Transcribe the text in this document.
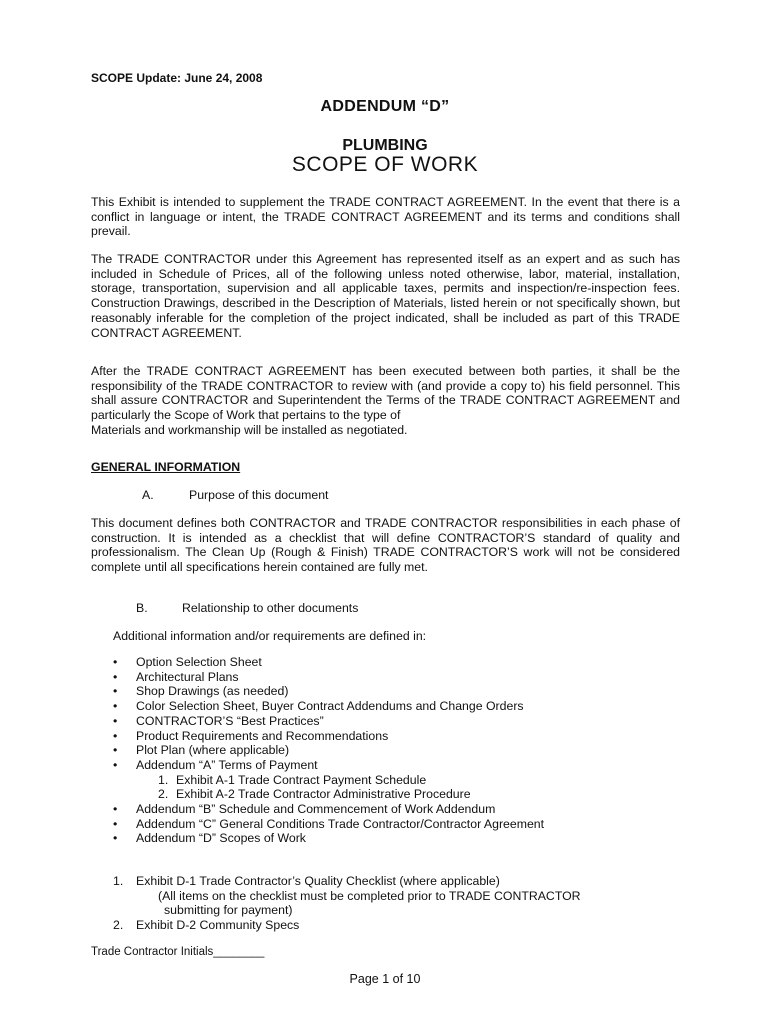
SCOPE Update: June 24, 2008
ADDENDUM “D”
PLUMBING
SCOPE OF WORK
This Exhibit is intended to supplement the TRADE CONTRACT AGREEMENT. In the event that there is a conflict in language or intent, the TRADE CONTRACT AGREEMENT and its terms and conditions shall prevail.
The TRADE CONTRACTOR under this Agreement has represented itself as an expert and as such has included in Schedule of Prices, all of the following unless noted otherwise, labor, material, installation, storage, transportation, supervision and all applicable taxes, permits and inspection/re-inspection fees. Construction Drawings, described in the Description of Materials, listed herein or not specifically shown, but reasonably inferable for the completion of the project indicated, shall be included as part of this TRADE CONTRACT AGREEMENT.
After the TRADE CONTRACT AGREEMENT has been executed between both parties, it shall be the responsibility of the TRADE CONTRACTOR to review with (and provide a copy to) his field personnel. This shall assure CONTRACTOR and Superintendent the Terms of the TRADE CONTRACT AGREEMENT and particularly the Scope of Work that pertains to the type of
Materials and workmanship will be installed as negotiated.
GENERAL INFORMATION
A.	Purpose of this document
This document defines both CONTRACTOR and TRADE CONTRACTOR responsibilities in each phase of construction. It is intended as a checklist that will define CONTRACTOR’S standard of quality and professionalism. The Clean Up (Rough & Finish) TRADE CONTRACTOR’S work will not be considered complete until all specifications herein contained are fully met.
B.	Relationship to other documents
Additional information and/or requirements are defined in:
• Option Selection Sheet
• Architectural Plans
• Shop Drawings (as needed)
• Color Selection Sheet, Buyer Contract Addendums and Change Orders
• CONTRACTOR’S “Best Practices”
• Product Requirements and Recommendations
• Plot Plan (where applicable)
• Addendum “A” Terms of Payment
1. Exhibit A-1 Trade Contract Payment Schedule
2. Exhibit A-2 Trade Contractor Administrative Procedure
• Addendum “B” Schedule and Commencement of Work Addendum
• Addendum “C” General Conditions Trade Contractor/Contractor Agreement
• Addendum “D” Scopes of Work
1. Exhibit D-1 Trade Contractor’s Quality Checklist (where applicable)
(All items on the checklist must be completed prior to TRADE CONTRACTOR
submitting for payment)
2. Exhibit D-2 Community Specs
Trade Contractor Initials________
Page 1 of 10
